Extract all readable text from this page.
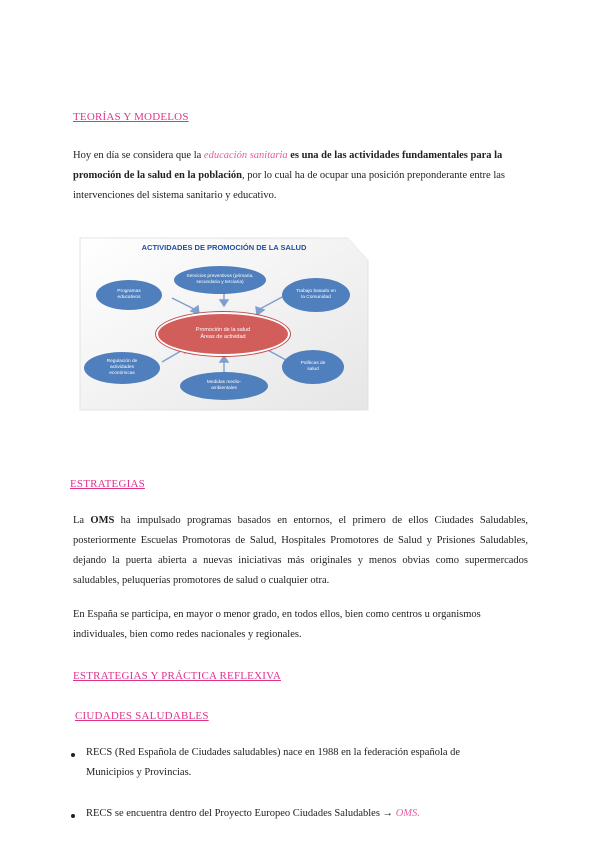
TEORÍAS Y MODELOS
Hoy en día se considera que la educación sanitaria es una de las actividades fundamentales para la promoción de la salud en la población, por lo cual ha de ocupar una posición preponderante entre las intervenciones del sistema sanitario y educativo.
ACTIVIDADES DE PROMOCIÓN DE LA SALUD
Servicios preventivos (primaria, secundaria y terciaria)
Programas educativos
Trabajo basado en la Comunidad
Promoción de la salud
Áreas de actividad
Regulación de actividades económicas
Medidas medio-ambientales
Políticas de salud
ESTRATEGIAS
La OMS ha impulsado programas basados en entornos, el primero de ellos Ciudades Saludables, posteriormente Escuelas Promotoras de Salud, Hospitales Promotores de Salud y Prisiones Saludables, dejando la puerta abierta a nuevas iniciativas más originales y menos obvias como supermercados saludables, peluquerías promotores de salud o cualquier otra.
En España se participa, en mayor o menor grado, en todos ellos, bien como centros u organismos individuales, bien como redes nacionales y regionales.
ESTRATEGIAS Y PRÁCTICA REFLEXIVA
CIUDADES SALUDABLES
RECS (Red Española de Ciudades saludables) nace en 1988 en la federación española de Municipios y Provincias.
RECS se encuentra dentro del Proyecto Europeo Ciudades Saludables → OMS.
